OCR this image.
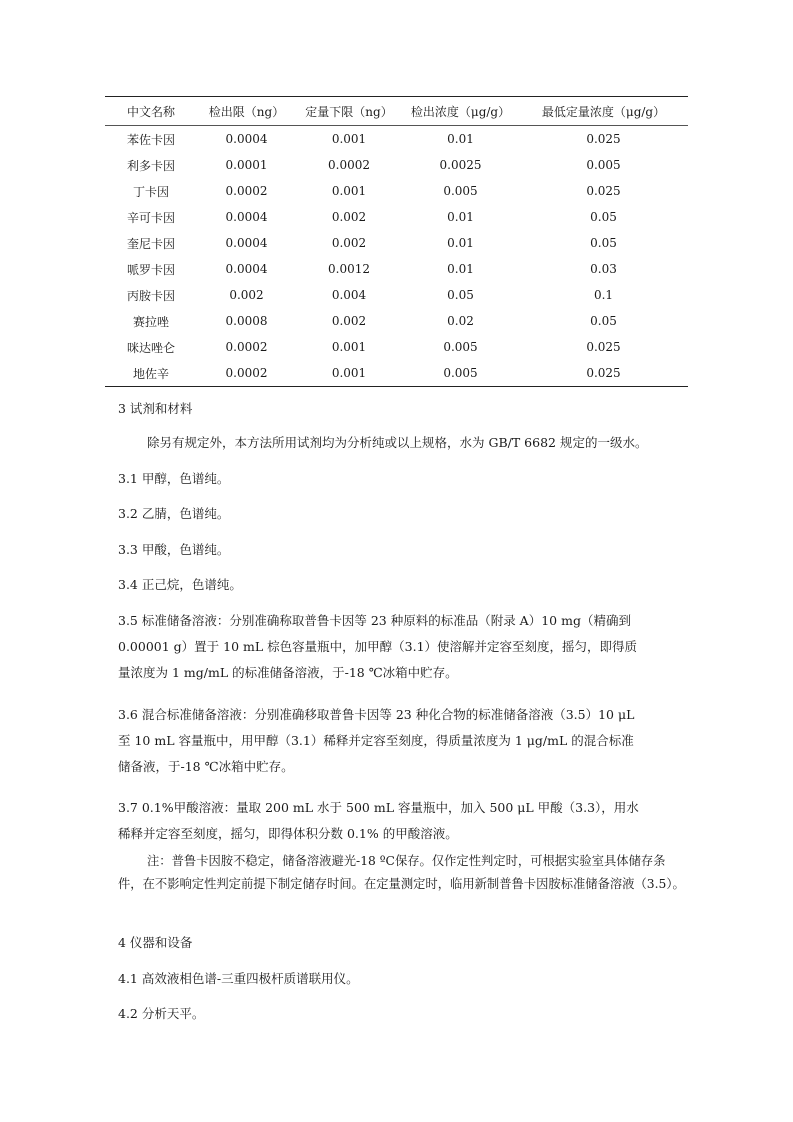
中文名称	检出限（ng）	定量下限（ng）	检出浓度（μg/g）	最低定量浓度（μg/g）
苯佐卡因	0.0004	0.001	0.01	0.025
利多卡因	0.0001	0.0002	0.0025	0.005
丁卡因	0.0002	0.001	0.005	0.025
辛可卡因	0.0004	0.002	0.01	0.05
奎尼卡因	0.0004	0.002	0.01	0.05
哌罗卡因	0.0004	0.0012	0.01	0.03
丙胺卡因	0.002	0.004	0.05	0.1
赛拉唑	0.0008	0.002	0.02	0.05
咪达唑仑	0.0002	0.001	0.005	0.025
地佐辛	0.0002	0.001	0.005	0.025

3 试剂和材料

除另有规定外，本方法所用试剂均为分析纯或以上规格，水为 GB/T 6682 规定的一级水。

3.1 甲醇，色谱纯。

3.2 乙腈，色谱纯。

3.3 甲酸，色谱纯。

3.4 正己烷，色谱纯。

3.5 标准储备溶液：分别准确称取普鲁卡因等 23 种原料的标准品（附录 A）10 mg（精确到

0.00001 g）置于 10 mL 棕色容量瓶中，加甲醇（3.1）使溶解并定容至刻度，摇匀，即得质

量浓度为 1 mg/mL 的标准储备溶液，于-18 ℃冰箱中贮存。

3.6 混合标准储备溶液：分别准确移取普鲁卡因等 23 种化合物的标准储备溶液（3.5）10 μL

至 10 mL 容量瓶中，用甲醇（3.1）稀释并定容至刻度，得质量浓度为 1 μg/mL 的混合标准

储备液，于-18 ℃冰箱中贮存。

3.7 0.1%甲酸溶液：量取 200 mL 水于 500 mL 容量瓶中，加入 500 μL 甲酸（3.3），用水

稀释并定容至刻度，摇匀，即得体积分数 0.1% 的甲酸溶液。

注：普鲁卡因胺不稳定，储备溶液避光-18 ºC保存。仅作定性判定时，可根据实验室具体储存条件，在不影响定性判定前提下制定储存时间。在定量测定时，临用新制普鲁卡因胺标准储备溶液（3.5）。

4 仪器和设备

4.1 高效液相色谱-三重四极杆质谱联用仪。

4.2 分析天平。
